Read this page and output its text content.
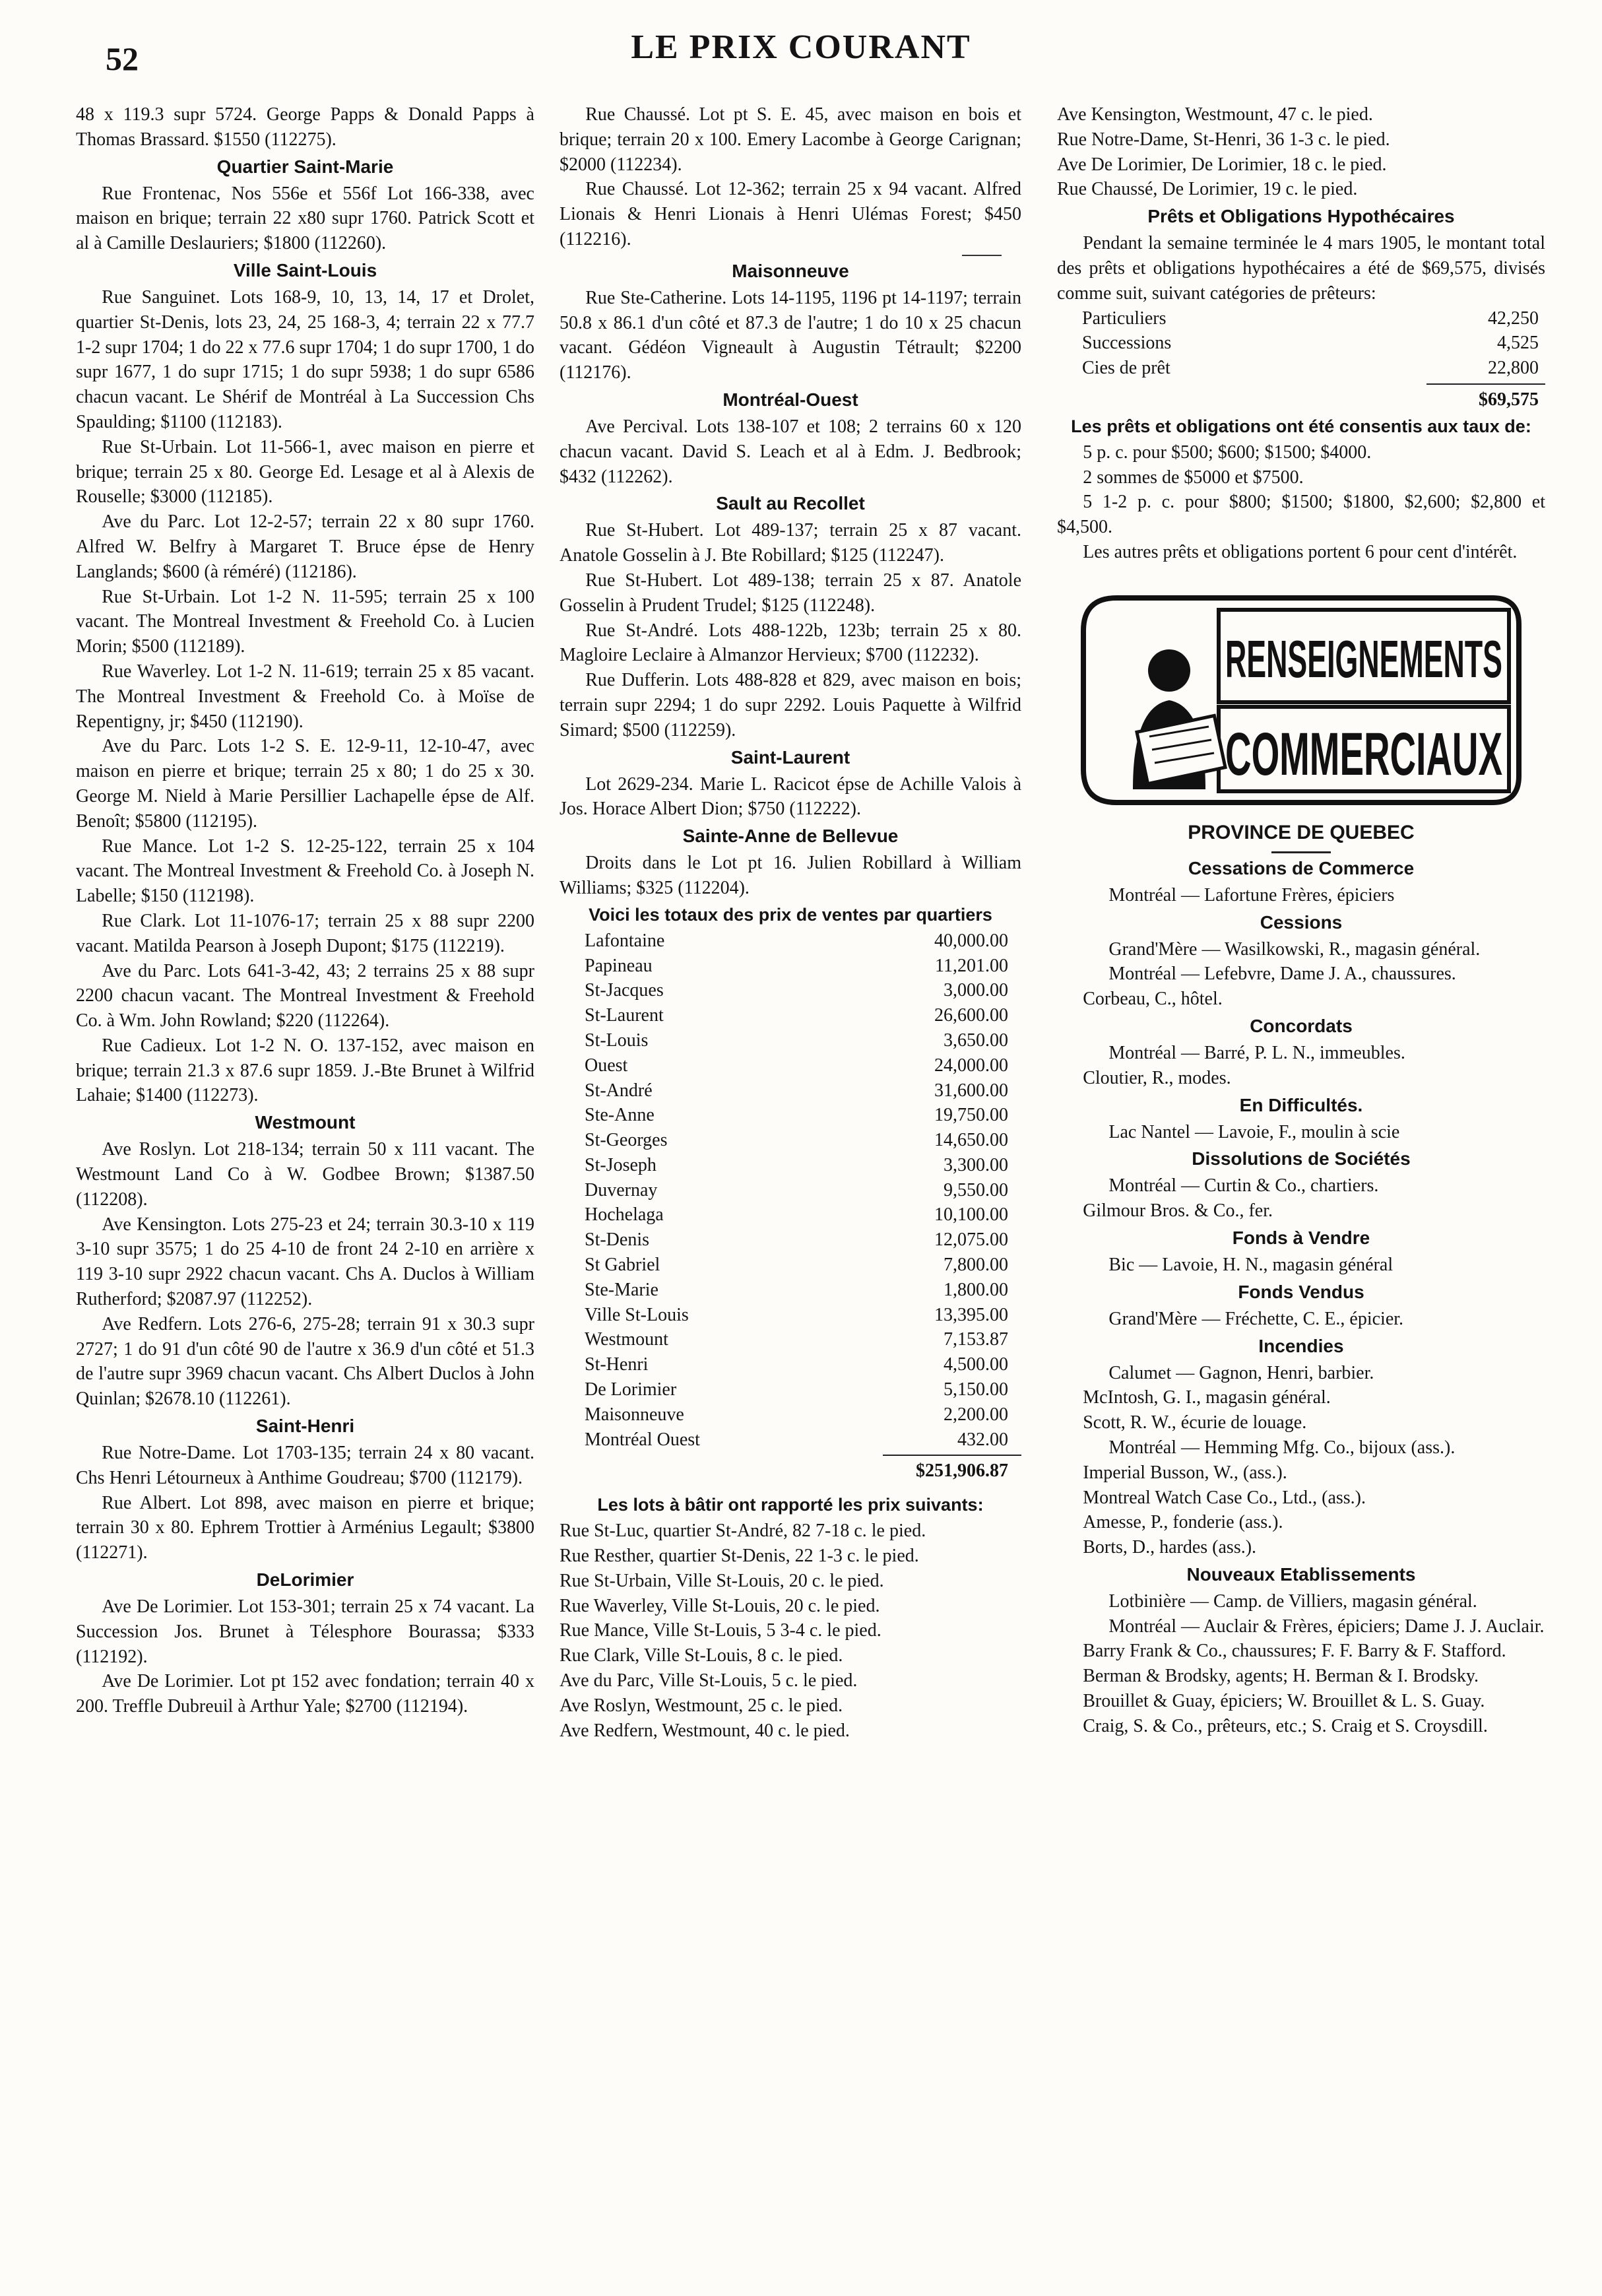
52	LE PRIX COURANT

48 x 119.3 supr 5724. George Papps & Donald Papps à Thomas Brassard. $1550 (112275).

Quartier Saint-Marie

Rue Frontenac, Nos 556e et 556f Lot 166-338, avec maison en brique; terrain 22 x80 supr 1760. Patrick Scott et al à Camille Deslauriers; $1800 (112260).

Ville Saint-Louis

Rue Sanguinet. Lots 168-9, 10, 13, 14, 17 et Drolet, quartier St-Denis, lots 23, 24, 25 168-3, 4; terrain 22 x 77.7 1-2 supr 1704; 1 do 22 x 77.6 supr 1704; 1 do supr 1700, 1 do supr 1677, 1 do supr 1715; 1 do supr 5938; 1 do supr 6586 chacun vacant. Le Shérif de Montréal à La Succession Chs Spaulding; $1100 (112183).

Rue St-Urbain. Lot 11-566-1, avec maison en pierre et brique; terrain 25 x 80. George Ed. Lesage et al à Alexis de Rouselle; $3000 (112185).

Ave du Parc. Lot 12-2-57; terrain 22 x 80 supr 1760. Alfred W. Belfry à Margaret T. Bruce épse de Henry Langlands; $600 (à réméré) (112186).

Rue St-Urbain. Lot 1-2 N. 11-595; terrain 25 x 100 vacant. The Montreal Investment & Freehold Co. à Lucien Morin; $500 (112189).

Rue Waverley. Lot 1-2 N. 11-619; terrain 25 x 85 vacant. The Montreal Investment & Freehold Co. à Moïse de Repentigny, jr; $450 (112190).

Ave du Parc. Lots 1-2 S. E. 12-9-11, 12-10-47, avec maison en pierre et brique; terrain 25 x 80; 1 do 25 x 30. George M. Nield à Marie Persillier Lachapelle épse de Alf. Benoît; $5800 (112195).

Rue Mance. Lot 1-2 S. 12-25-122, terrain 25 x 104 vacant. The Montreal Investment & Freehold Co. à Joseph N. Labelle; $150 (112198).

Rue Clark. Lot 11-1076-17; terrain 25 x 88 supr 2200 vacant. Matilda Pearson à Joseph Dupont; $175 (112219).

Ave du Parc. Lots 641-3-42, 43; 2 terrains 25 x 88 supr 2200 chacun vacant. The Montreal Investment & Freehold Co. à Wm. John Rowland; $220 (112264).

Rue Cadieux. Lot 1-2 N. O. 137-152, avec maison en brique; terrain 21.3 x 87.6 supr 1859. J.-Bte Brunet à Wilfrid Lahaie; $1400 (112273).

Westmount

Ave Roslyn. Lot 218-134; terrain 50 x 111 vacant. The Westmount Land Co à W. Godbee Brown; $1387.50 (112208).

Ave Kensington. Lots 275-23 et 24; terrain 30.3-10 x 119 3-10 supr 3575; 1 do 25 4-10 de front 24 2-10 en arrière x 119 3-10 supr 2922 chacun vacant. Chs A. Duclos à William Rutherford; $2087.97 (112252).

Ave Redfern. Lots 276-6, 275-28; terrain 91 x 30.3 supr 2727; 1 do 91 d'un côté 90 de l'autre x 36.9 d'un côté et 51.3 de l'autre supr 3969 chacun vacant. Chs Albert Duclos à John Quinlan; $2678.10 (112261).

Saint-Henri

Rue Notre-Dame. Lot 1703-135; terrain 24 x 80 vacant. Chs Henri Létourneux à Anthime Goudreau; $700 (112179).

Rue Albert. Lot 898, avec maison en pierre et brique; terrain 30 x 80. Ephrem Trottier à Arménius Legault; $3800 (112271).

DeLorimier

Ave De Lorimier. Lot 153-301; terrain 25 x 74 vacant. La Succession Jos. Brunet à Télesphore Bourassa; $333 (112192).

Ave De Lorimier. Lot pt 152 avec fondation; terrain 40 x 200. Treffle Dubreuil à Arthur Yale; $2700 (112194).

Rue Chaussé. Lot pt S. E. 45, avec maison en bois et brique; terrain 20 x 100. Emery Lacombe à George Carignan; $2000 (112234).

Rue Chaussé. Lot 12-362; terrain 25 x 94 vacant. Alfred Lionais & Henri Lionais à Henri Ulémas Forest; $450 (112216).

Maisonneuve

Rue Ste-Catherine. Lots 14-1195, 1196 pt 14-1197; terrain 50.8 x 86.1 d'un côté et 87.3 de l'autre; 1 do 10 x 25 chacun vacant. Gédéon Vigneault à Augustin Tétrault; $2200 (112176).

Montréal-Ouest

Ave Percival. Lots 138-107 et 108; 2 terrains 60 x 120 chacun vacant. David S. Leach et al à Edm. J. Bedbrook; $432 (112262).

Sault au Recollet

Rue St-Hubert. Lot 489-137; terrain 25 x 87 vacant. Anatole Gosselin à J. Bte Robillard; $125 (112247).

Rue St-Hubert. Lot 489-138; terrain 25 x 87. Anatole Gosselin à Prudent Trudel; $125 (112248).

Rue St-André. Lots 488-122b, 123b; terrain 25 x 80. Magloire Leclaire à Almanzor Hervieux; $700 (112232).

Rue Dufferin. Lots 488-828 et 829, avec maison en bois; terrain supr 2294; 1 do supr 2292. Louis Paquette à Wilfrid Simard; $500 (112259).

Saint-Laurent

Lot 2629-234. Marie L. Racicot épse de Achille Valois à Jos. Horace Albert Dion; $750 (112222).

Sainte-Anne de Bellevue

Droits dans le Lot pt 16. Julien Robillard à William Williams; $325 (112204).

Voici les totaux des prix de ventes par quartiers
Lafontaine	40,000.00
Papineau	11,201.00
St-Jacques	3,000.00
St-Laurent	26,600.00
St-Louis	3,650.00
Ouest	24,000.00
St-André	31,600.00
Ste-Anne	19,750.00
St-Georges	14,650.00
St-Joseph	3,300.00
Duvernay	9,550.00
Hochelaga	10,100.00
St-Denis	12,075.00
St Gabriel	7,800.00
Ste-Marie	1,800.00
Ville St-Louis	13,395.00
Westmount	7,153.87
St-Henri	4,500.00
De Lorimier	5,150.00
Maisonneuve	2,200.00
Montréal Ouest	432.00
$251,906.87
Les lots à bâtir ont rapporté les prix suivants:

Rue St-Luc, quartier St-André, 82 7-18 c. le pied.

Rue Resther, quartier St-Denis, 22 1-3 c. le pied.

Rue St-Urbain, Ville St-Louis, 20 c. le pied.

Rue Waverley, Ville St-Louis, 20 c. le pied.

Rue Mance, Ville St-Louis, 5 3-4 c. le pied.

Rue Clark, Ville St-Louis, 8 c. le pied.

Ave du Parc, Ville St-Louis, 5 c. le pied.

Ave Roslyn, Westmount, 25 c. le pied.

Ave Redfern, Westmount, 40 c. le pied.

Ave Kensington, Westmount, 47 c. le pied.

Rue Notre-Dame, St-Henri, 36 1-3 c. le pied.

Ave De Lorimier, De Lorimier, 18 c. le pied.

Rue Chaussé, De Lorimier, 19 c. le pied.

Prêts et Obligations Hypothécaires

Pendant la semaine terminée le 4 mars 1905, le montant total des prêts et obligations hypothécaires a été de $69,575, divisés comme suit, suivant catégories de prêteurs:

Particuliers	42,250
Successions	4,525
Cies de prêt	22,800
$69,575
Les prêts et obligations ont été consentis aux taux de:

5 p. c. pour $500; $600; $1500; $4000.

2 sommes de $5000 et $7500.

5 1-2 p. c. pour $800; $1500; $1800, $2,600; $2,800 et $4,500.

Les autres prêts et obligations portent 6 pour cent d'intérêt.

RENSEIGNEMENTS
COMMERCIAUX
PROVINCE DE QUEBEC
Cessations de Commerce

Montréal — Lafortune Frères, épiciers

Cessions

Grand'Mère — Wasilkowski, R., magasin général.

Montréal — Lefebvre, Dame J. A., chaussures.

Corbeau, C., hôtel.

Concordats

Montréal — Barré, P. L. N., immeubles.

Cloutier, R., modes.

En Difficultés.

Lac Nantel — Lavoie, F., moulin à scie

Dissolutions de Sociétés

Montréal — Curtin & Co., chartiers.

Gilmour Bros. & Co., fer.

Fonds à Vendre

Bic — Lavoie, H. N., magasin général

Fonds Vendus

Grand'Mère — Fréchette, C. E., épicier.

Incendies

Calumet — Gagnon, Henri, barbier.

McIntosh, G. I., magasin général.

Scott, R. W., écurie de louage.

Montréal — Hemming Mfg. Co., bijoux (ass.).

Imperial Busson, W., (ass.).

Montreal Watch Case Co., Ltd., (ass.).

Amesse, P., fonderie (ass.).

Borts, D., hardes (ass.).

Nouveaux Etablissements

Lotbinière — Camp. de Villiers, magasin général.

Montréal — Auclair & Frères, épiciers; Dame J. J. Auclair.

Barry Frank & Co., chaussures; F. F. Barry & F. Stafford.

Berman & Brodsky, agents; H. Berman & I. Brodsky.

Brouillet & Guay, épiciers; W. Brouillet & L. S. Guay.

Craig, S. & Co., prêteurs, etc.; S. Craig et S. Croysdill.
